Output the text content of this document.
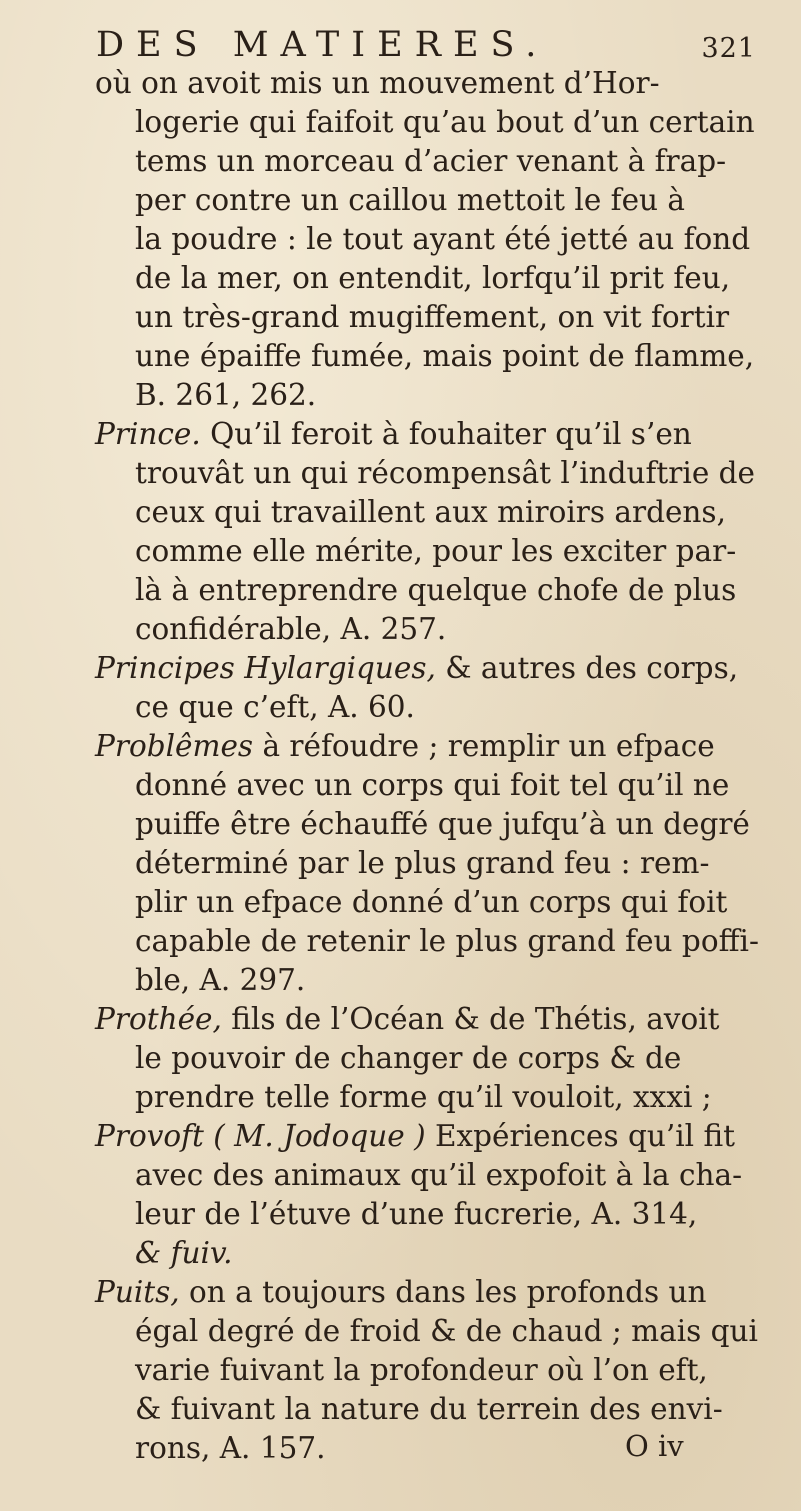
DES MATIERES.	321
où on avoit mis un mouvement d’Hor-
logerie qui faifoit qu’au bout d’un certain
tems un morceau d’acier venant à frap-
per contre un caillou mettoit le feu à
la poudre : le tout ayant été jetté au fond
de la mer, on entendit, lorfqu’il prit feu,
un très-grand mugiffement, on vit fortir
une épaiffe fumée, mais point de flamme,
B. 261, 262.
Prince. Qu’il feroit à fouhaiter qu’il s’en
trouvât un qui récompensât l’induftrie de
ceux qui travaillent aux miroirs ardens,
comme elle mérite, pour les exciter par-
là à entreprendre quelque chofe de plus
confidérable, A. 257.
Principes Hylargiques, & autres des corps,
ce que c’eft, A. 60.
Problêmes à réfoudre ; remplir un efpace
donné avec un corps qui foit tel qu’il ne
puiffe être échauffé que jufqu’à un degré
déterminé par le plus grand feu : rem-
plir un efpace donné d’un corps qui foit
capable de retenir le plus grand feu poffi-
ble, A. 297.
Prothée, fils de l’Océan & de Thétis, avoit
le pouvoir de changer de corps & de
prendre telle forme qu’il vouloit, xxxi ;
Provoft ( M. Jodoque ) Expériences qu’il fit
avec des animaux qu’il expofoit à la cha-
leur de l’étuve d’une fucrerie, A. 314,
& fuiv.
Puits, on a toujours dans les profonds un
égal degré de froid & de chaud ; mais qui
varie fuivant la profondeur où l’on eft,
& fuivant la nature du terrein des envi-
rons, A. 157.	O iv
